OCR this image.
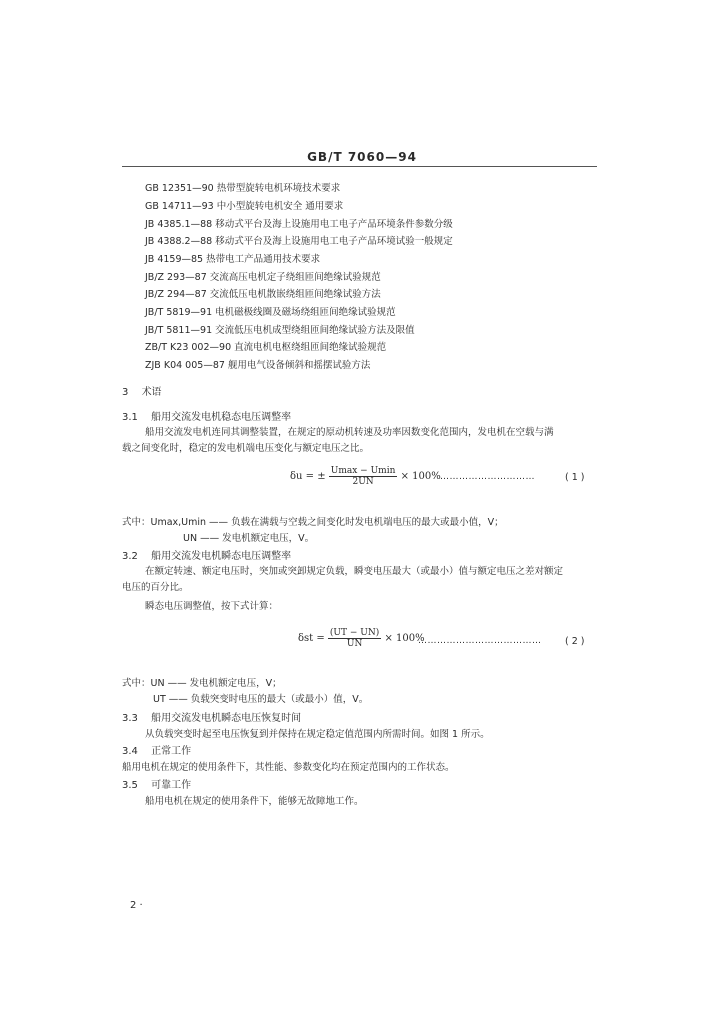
GB/T 7060—94
GB 12351—90 热带型旋转电机环境技术要求
GB 14711—93 中小型旋转电机安全 通用要求
JB 4385.1—88 移动式平台及海上设施用电工电子产品环境条件参数分级
JB 4388.2—88 移动式平台及海上设施用电工电子产品环境试验一般规定
JB 4159—85 热带电工产品通用技术要求
JB/Z 293—87 交流高压电机定子绕组匝间绝缘试验规范
JB/Z 294—87 交流低压电机散嵌绕组匝间绝缘试验方法
JB/T 5819—91 电机磁极线圈及磁场绕组匝间绝缘试验规范
JB/T 5811—91 交流低压电机成型绕组匝间绝缘试验方法及限值
ZB/T K23 002—90 直流电机电枢绕组匝间绝缘试验规范
ZJB K04 005—87 舰用电气设备倾斜和摇摆试验方法
3 术语
3.1 船用交流发电机稳态电压调整率
船用交流发电机连同其调整装置，在规定的原动机转速及功率因数变化范围内，发电机在空载与满
载之间变化时，稳定的发电机端电压变化与额定电压之比。
δu = ± $\frac{Umax - Umin}{2UN} \times 100\%$ …………………………	( 1 )
式中：Umax,Umin —— 负载在满载与空载之间变化时发电机端电压的最大或最小值，V；
UN —— 发电机额定电压，V。
3.2 船用交流发电机瞬态电压调整率
在额定转速、额定电压时，突加或突卸规定负载，瞬变电压最大（或最小）值与额定电压之差对额定
电压的百分比。
瞬态电压调整值，按下式计算：
$\delta st = \frac{(UT - UN)}{UN} \times 100\%$
………………………………… ( 2 )
式中：UN —— 发电机额定电压，V；
UT —— 负载突变时电压的最大（或最小）值，V。
3.3 船用交流发电机瞬态电压恢复时间
从负载突变时起至电压恢复到并保持在规定稳定值范围内所需时间。如图 1 所示。
3.4 正常工作
船用电机在规定的使用条件下，其性能、参数变化均在预定范围内的工作状态。
3.5 可靠工作
船用电机在规定的使用条件下，能够无故障地工作。
2 ·
